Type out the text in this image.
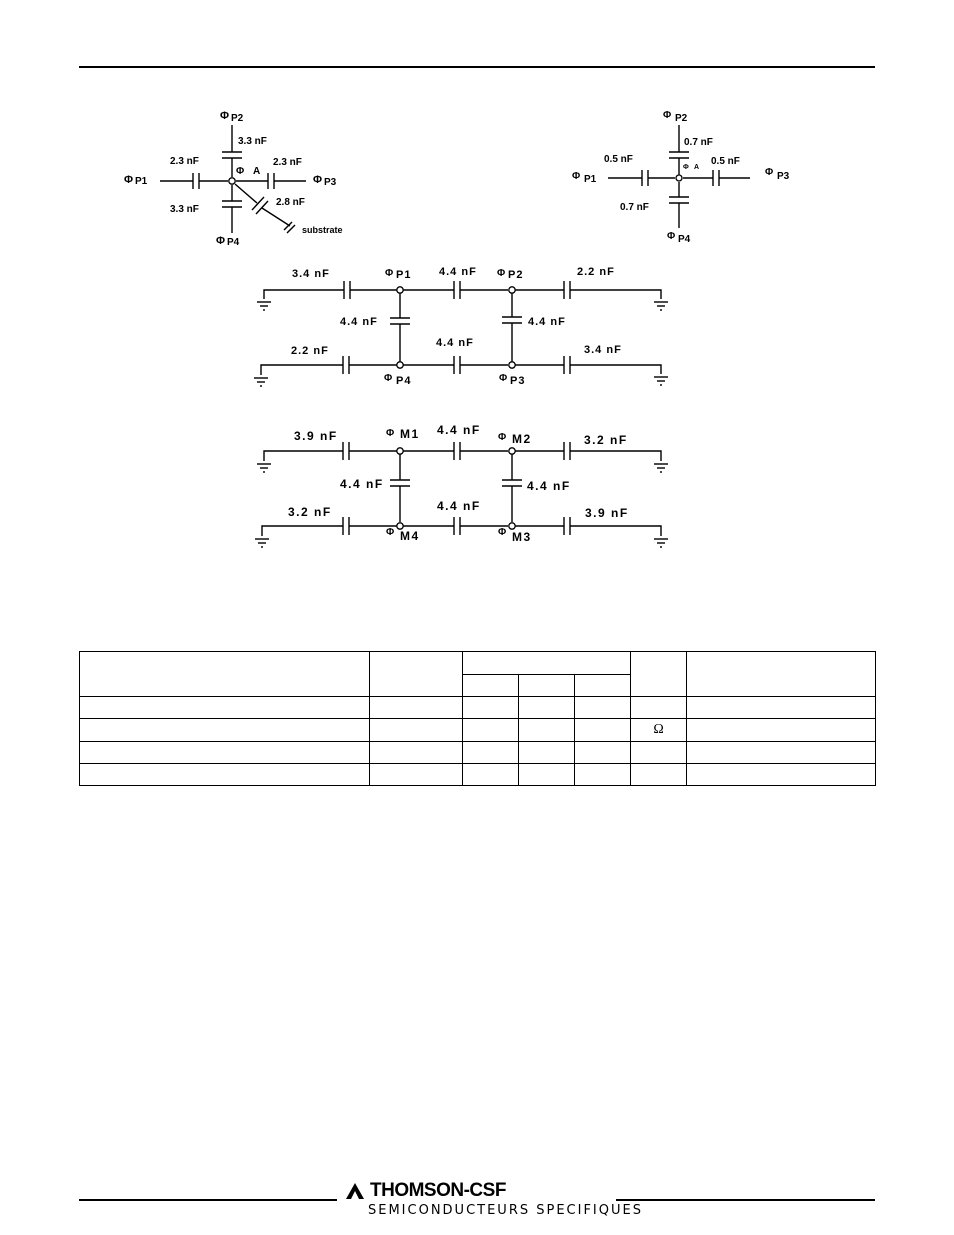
Φ P2
3.3 nF
Φ P1
2.3 nF
Φ A
2.3 nF
Φ P3
3.3 nF
Φ P4
2.8 nF
substrate
Φ P2
0.7 nF
Φ A
Φ P1
0.5 nF	0.5 nF
Φ P3
0.7 nF
Φ P4
3.4 nF	Φ P1	4.4 nF Φ P2	2.2 nF
4.4 nF	4.4 nF
2.2 nF
Φ P4
4.4 nF
Φ P3
3.4 nF
3.9 nF	Φ M1 4.4 nF
Φ M2	3.2 nF
4.4 nF	4.4 nF
3.2 nF
Φ M4
4.4 nF
Φ M3
3.9 nF

					Ω	

THOMSON-CSF
SEMICONDUCTEURS SPECIFIQUES
